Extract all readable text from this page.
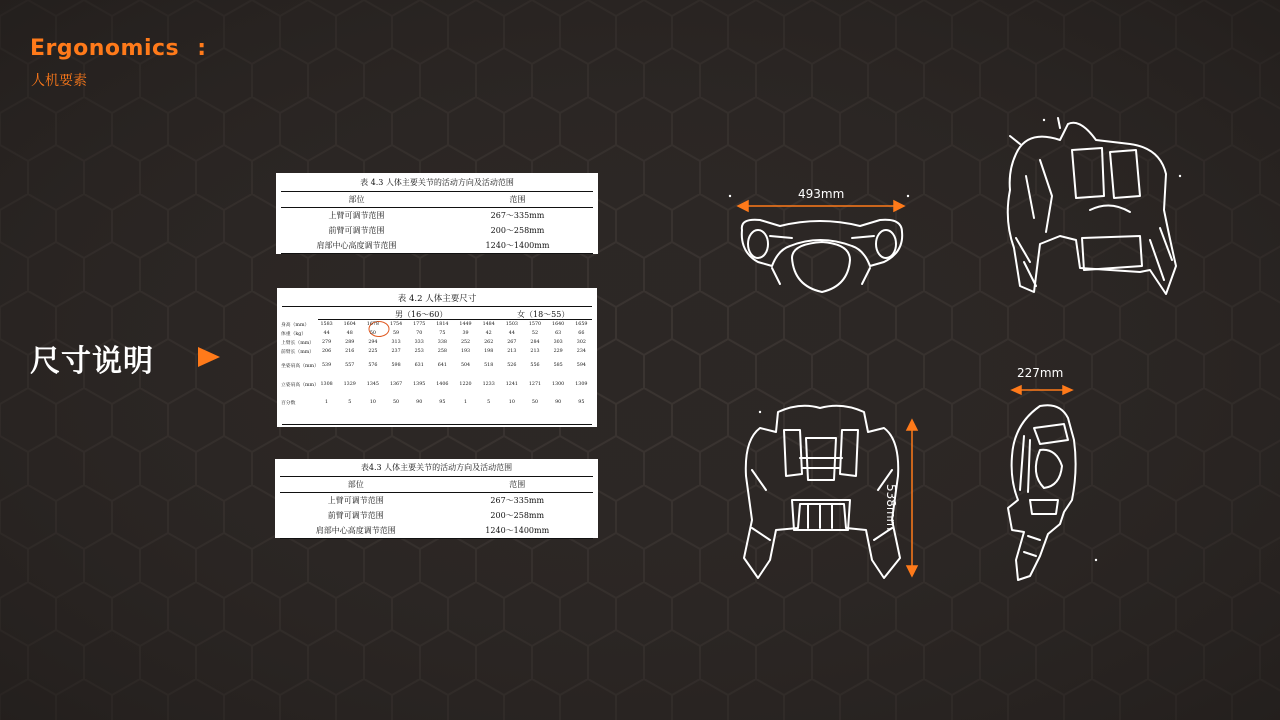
Ergonomics :
人机要素
尺寸说明
表 4.3 人体主要关节的活动方向及活动范围
部位	范围
上臂可调节范围	267～335mm
前臂可调节范围	200～258mm
肩部中心高度调节范围	1240～1400mm
表 4.2 人体主要尺寸
男（16～60）	女（18～55）
身高（mm）	1583	1604	1678	1754	1775	1814	1449	1484	1503	1570	1640	1659
体重（kg）	44	48	50	59	70	75	39	42	44	52	63	66
上臂长（mm）	279	289	294	313	333	338	252	262	267	284	303	302
前臂长（mm）	206	216	225	237	253	258	193	198	213	213	229	234
坐姿肩高（mm）	539	557	576	598	631	641	504	518	526	556	585	594
立姿肩高（mm）	1308	1329	1345	1367	1395	1406	1220	1233	1241	1271	1300	1309
百分数	1	5	10	50	90	95	1	5	10	50	90	95
表4.3 人体主要关节的活动方向及活动范围
部位	范围
上臂可调节范围	267～335mm
前臂可调节范围	200～258mm
肩部中心高度调节范围	1240～1400mm
493mm
227mm
538mm
